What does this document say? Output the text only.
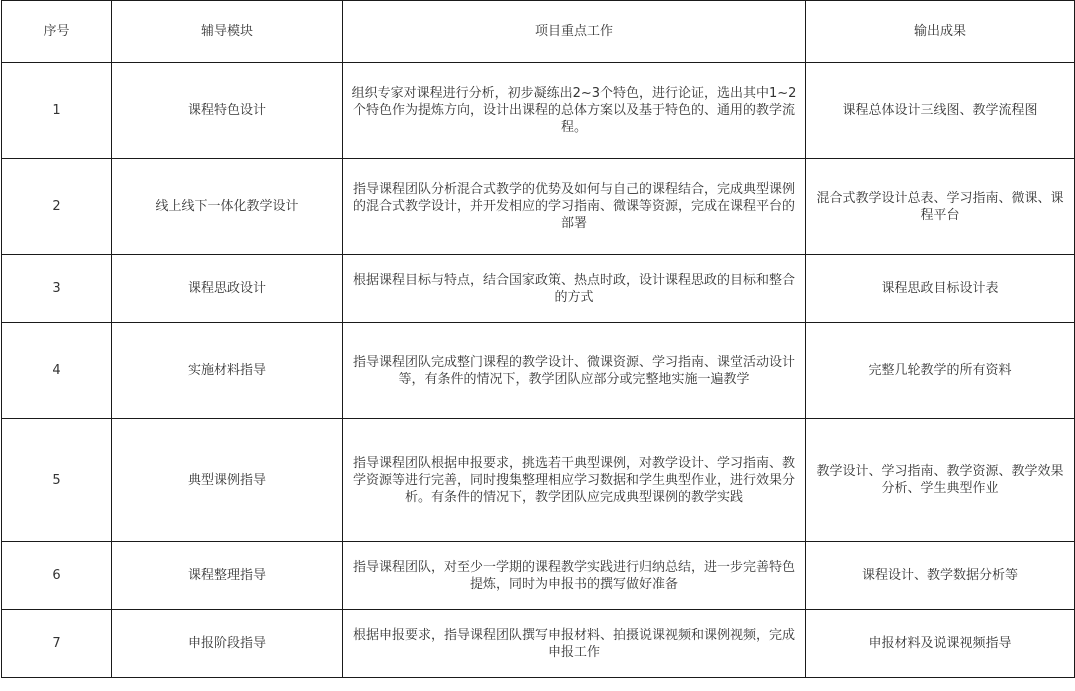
序号	辅导模块	项目重点工作	输出成果
1	课程特色设计	组织专家对课程进行分析，初步凝练出2~3个特色，进行论证，选出其中1~2个特色作为提炼方向，设计出课程的总体方案以及基于特色的、通用的教学流程。	课程总体设计三线图、教学流程图
2	线上线下一体化教学设计	指导课程团队分析混合式教学的优势及如何与自己的课程结合，完成典型课例的混合式教学设计，并开发相应的学习指南、微课等资源，完成在课程平台的部署	混合式教学设计总表、学习指南、微课、课程平台
3	课程思政设计	根据课程目标与特点，结合国家政策、热点时政，设计课程思政的目标和整合的方式	课程思政目标设计表
4	实施材料指导	指导课程团队完成整门课程的教学设计、微课资源、学习指南、课堂活动设计等，有条件的情况下，教学团队应部分或完整地实施一遍教学	完整几轮教学的所有资料
5	典型课例指导	指导课程团队根据申报要求，挑选若干典型课例，对教学设计、学习指南、教学资源等进行完善，同时搜集整理相应学习数据和学生典型作业，进行效果分析。有条件的情况下，教学团队应完成典型课例的教学实践	教学设计、学习指南、教学资源、教学效果分析、学生典型作业
6	课程整理指导	指导课程团队，对至少一学期的课程教学实践进行归纳总结，进一步完善特色提炼，同时为申报书的撰写做好准备	课程设计、教学数据分析等
7	申报阶段指导	根据申报要求，指导课程团队撰写申报材料、拍摄说课视频和课例视频，完成申报工作	申报材料及说课视频指导
